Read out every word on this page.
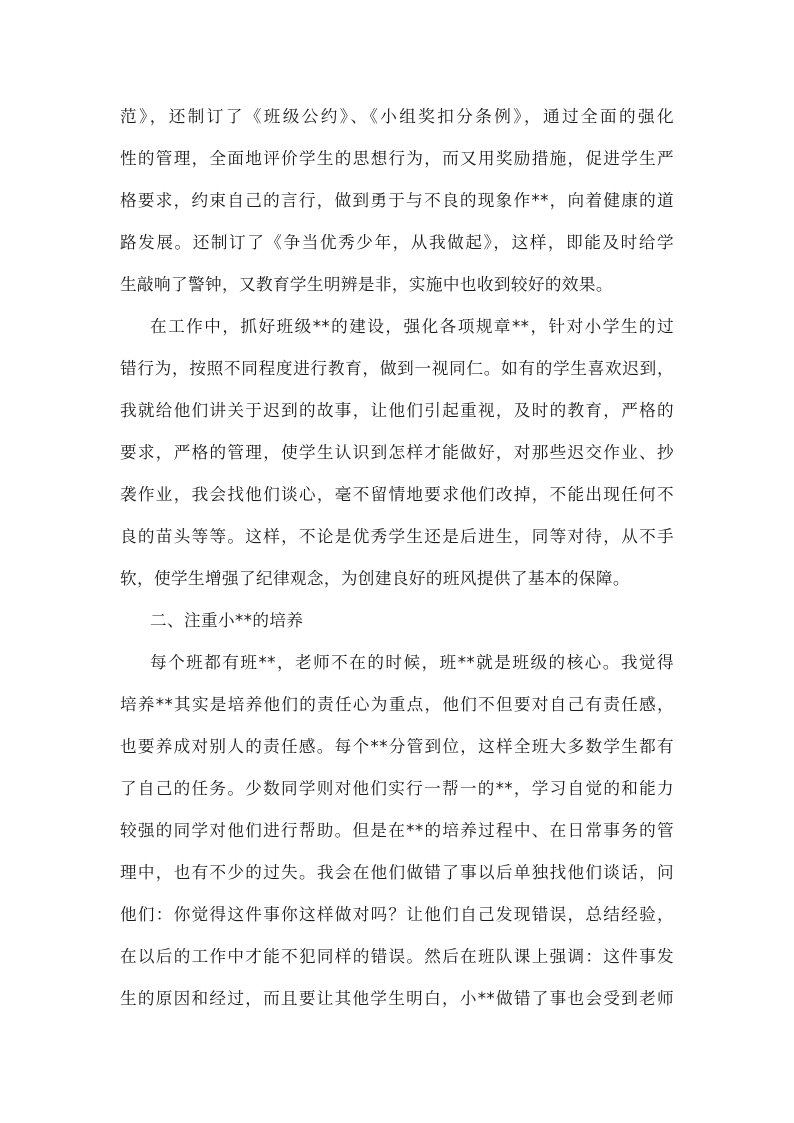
范》，还制订了《班级公约》、《小组奖扣分条例》，通过全面的强化
性的管理，全面地评价学生的思想行为，而又用奖励措施，促进学生严
格要求，约束自己的言行，做到勇于与不良的现象作**，向着健康的道
路发展。还制订了《争当优秀少年，从我做起》，这样，即能及时给学
生敲响了警钟，又教育学生明辨是非，实施中也收到较好的效果。
在工作中，抓好班级**的建设，强化各项规章**，针对小学生的过
错行为，按照不同程度进行教育，做到一视同仁。如有的学生喜欢迟到，
我就给他们讲关于迟到的故事，让他们引起重视，及时的教育，严格的
要求，严格的管理，使学生认识到怎样才能做好，对那些迟交作业、抄
袭作业，我会找他们谈心，毫不留情地要求他们改掉，不能出现任何不
良的苗头等等。这样，不论是优秀学生还是后进生，同等对待，从不手
软，使学生增强了纪律观念，为创建良好的班风提供了基本的保障。
二、注重小**的培养
每个班都有班**，老师不在的时候，班**就是班级的核心。我觉得
培养**其实是培养他们的责任心为重点，他们不但要对自己有责任感，
也要养成对别人的责任感。每个**分管到位，这样全班大多数学生都有
了自己的任务。少数同学则对他们实行一帮一的**，学习自觉的和能力
较强的同学对他们进行帮助。但是在**的培养过程中、在日常事务的管
理中，也有不少的过失。我会在他们做错了事以后单独找他们谈话，问
他们：你觉得这件事你这样做对吗？让他们自己发现错误，总结经验，
在以后的工作中才能不犯同样的错误。然后在班队课上强调：这件事发
生的原因和经过，而且要让其他学生明白，小**做错了事也会受到老师
